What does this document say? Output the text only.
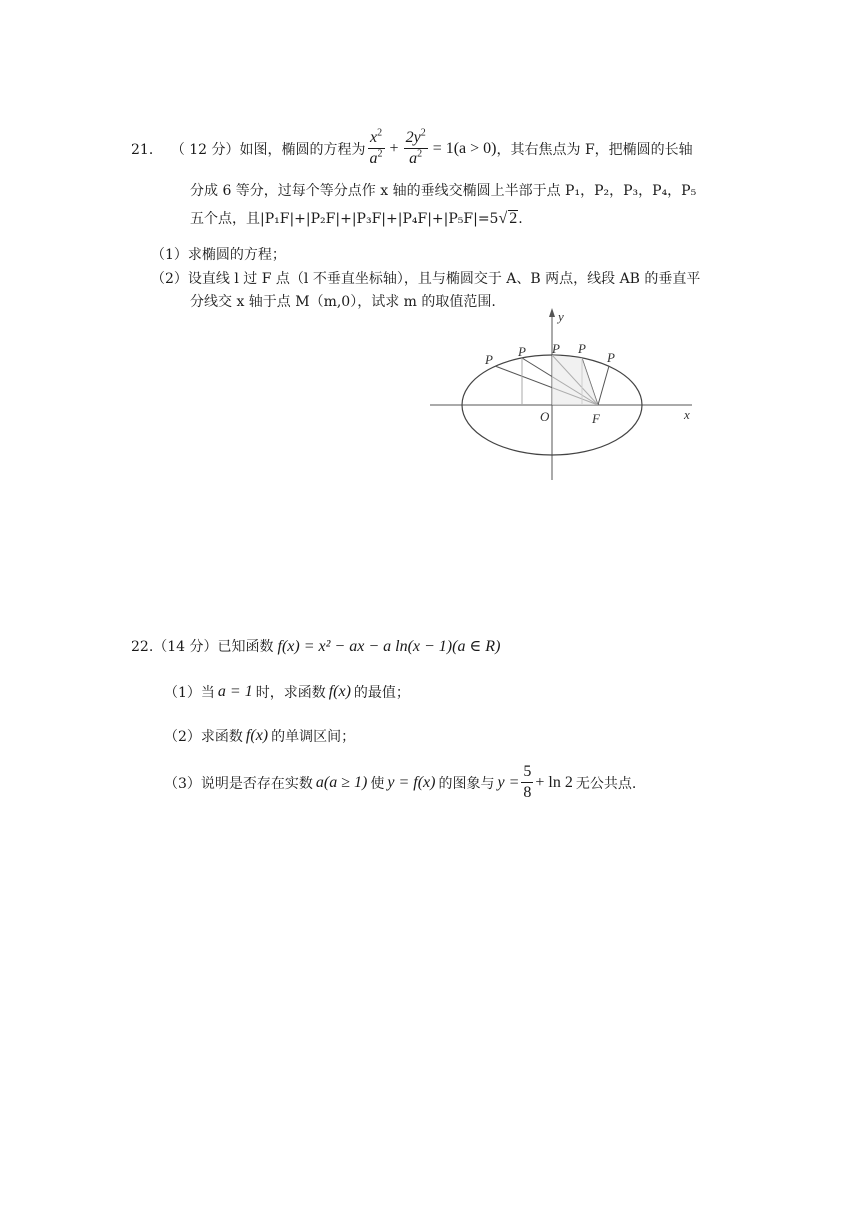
21． （ 12 分） 如图，椭圆的方程为 $\frac{x^2}{a^2} + \frac{2y^2}{a^2} = 1(a > 0)$ ，其右焦点为 F，把椭圆的长轴
分成 6 等分，过每个等分点作 x 轴的垂线交椭圆上半部于点 P₁，P₂，P₃，P₄，P₅
五个点，且|P₁F|+|P₂F|+|P₃F|+|P₄F|+|P₅F|=5√ 2.
（1）求椭圆的方程；
（2）设直线 l 过 F 点（l 不垂直坐标轴），且与椭圆交于 A、B 两点，线段 AB 的垂直平
分线交 x 轴于点 M（m,0），试求 m 的取值范围.
y
x
O	F
P
P P P
P
22.（14 分）已知函数 f(x) = x² − ax − a ln(x − 1)(a ∈ R)
（1）当 a = 1 时，求函数 f(x) 的最值；
（2）求函数 f(x) 的单调区间；
（3）说明是否存在实数 a(a ≥ 1) 使 y = f(x) 的图象与 $y = \frac{5}{8} + \ln 2$ 无公共点.
